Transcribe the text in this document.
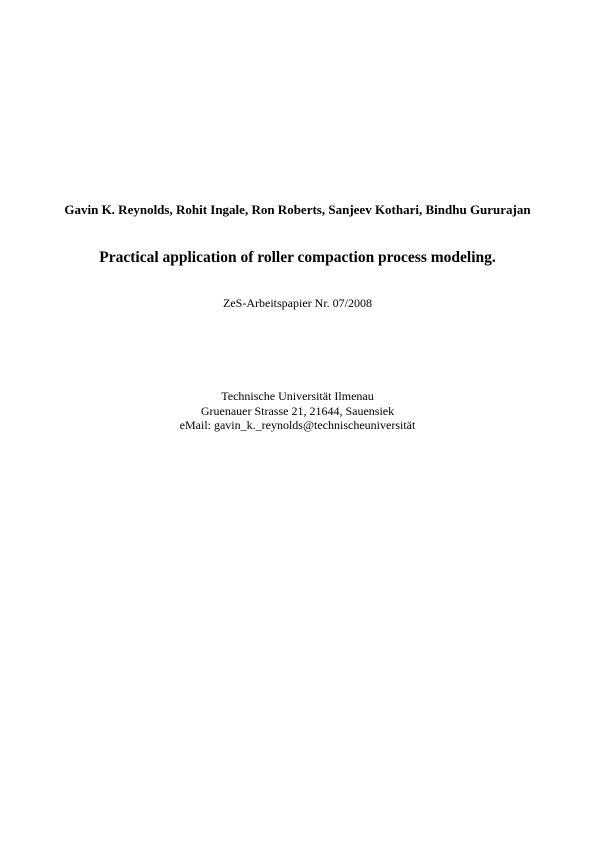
Gavin K. Reynolds, Rohit Ingale, Ron Roberts, Sanjeev Kothari, Bindhu Gururajan
Practical application of roller compaction process modeling.
ZeS-Arbeitspapier Nr. 07/2008
Technische Universität Ilmenau
Gruenauer Strasse 21, 21644, Sauensiek
eMail: gavin_k._reynolds@technischeuniversität
